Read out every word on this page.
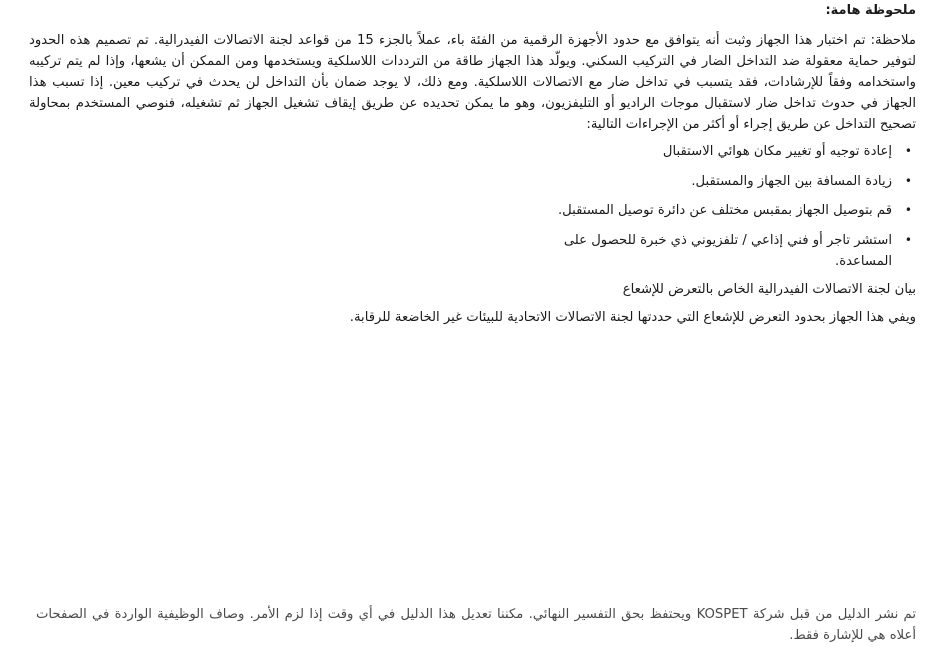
ملحوظة هامة:

ملاحظة: تم اختبار هذا الجهاز وثبت أنه يتوافق مع حدود الأجهزة الرقمية من الفئة باء، عملاً بالجزء 15 من قواعد لجنة الاتصالات الفيدرالية. تم تصميم هذه الحدود لتوفير حماية معقولة ضد التداخل الضار في التركيب السكني. ويولّد هذا الجهاز طاقة من الترددات اللاسلكية ويستخدمها ومن الممكن أن يشعها، وإذا لم يتم تركيبه واستخدامه وفقاً للإرشادات، فقد يتسبب في تداخل ضار مع الاتصالات اللاسلكية. ومع ذلك، لا يوجد ضمان بأن التداخل لن يحدث في تركيب معين. إذا تسبب هذا الجهاز في حدوث تداخل ضار لاستقبال موجات الراديو أو التليفزيون، وهو ما يمكن تحديده عن طريق إيقاف تشغيل الجهاز ثم تشغيله، فنوصي المستخدم بمحاولة تصحيح التداخل عن طريق إجراء أو أكثر من الإجراءات التالية:

•
إعادة توجيه أو تغيير مكان هوائي الاستقبال
•
زيادة المسافة بين الجهاز والمستقبل.
•
قم بتوصيل الجهاز بمقبس مختلف عن دائرة توصيل المستقبل.
•
استشر تاجر أو فني إذاعي / تلفزيوني ذي خبرة للحصول على المساعدة.

بيان لجنة الاتصالات الفيدرالية الخاص بالتعرض للإشعاع

ويفي هذا الجهاز بحدود التعرض للإشعاع التي حددتها لجنة الاتصالات الاتحادية للبيئات غير الخاضعة للرقابة.

تم نشر الدليل من قبل شركة KOSPET ويحتفظ بحق التفسير النهائي. مكننا تعديل هذا الدليل في أي وقت إذا لزم الأمر. وصاف الوظيفية الواردة في الصفحات أعلاه هي للإشارة فقط.
